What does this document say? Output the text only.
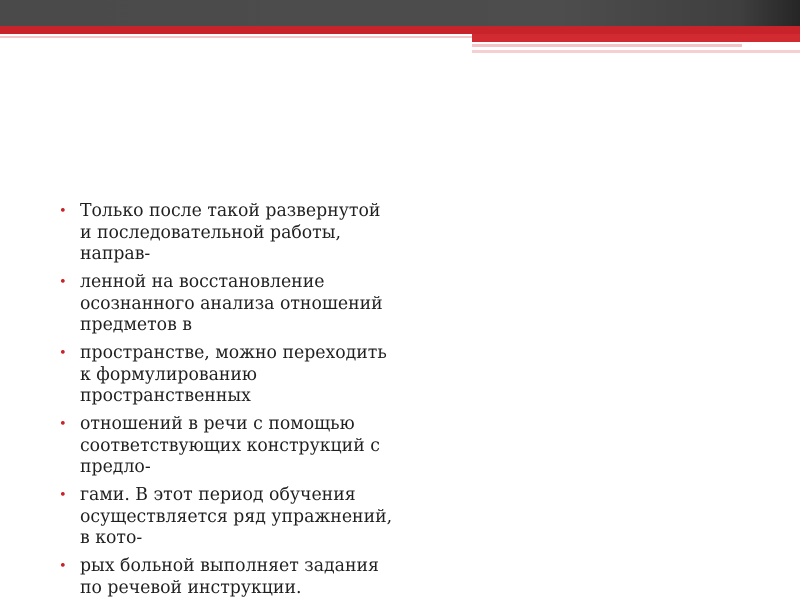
• Только после такой развернутой и последовательной работы, направ-
• ленной на восстановление осознанного анализа отношений предметов в
• пространстве, можно переходить к формулированию пространственных
• отношений в речи с помощью соответствующих конструкций с предло-
• гами. В этот период обучения осуществляется ряд упражнений, в кото-
• рых больной выполняет задания по речевой инструкции.
